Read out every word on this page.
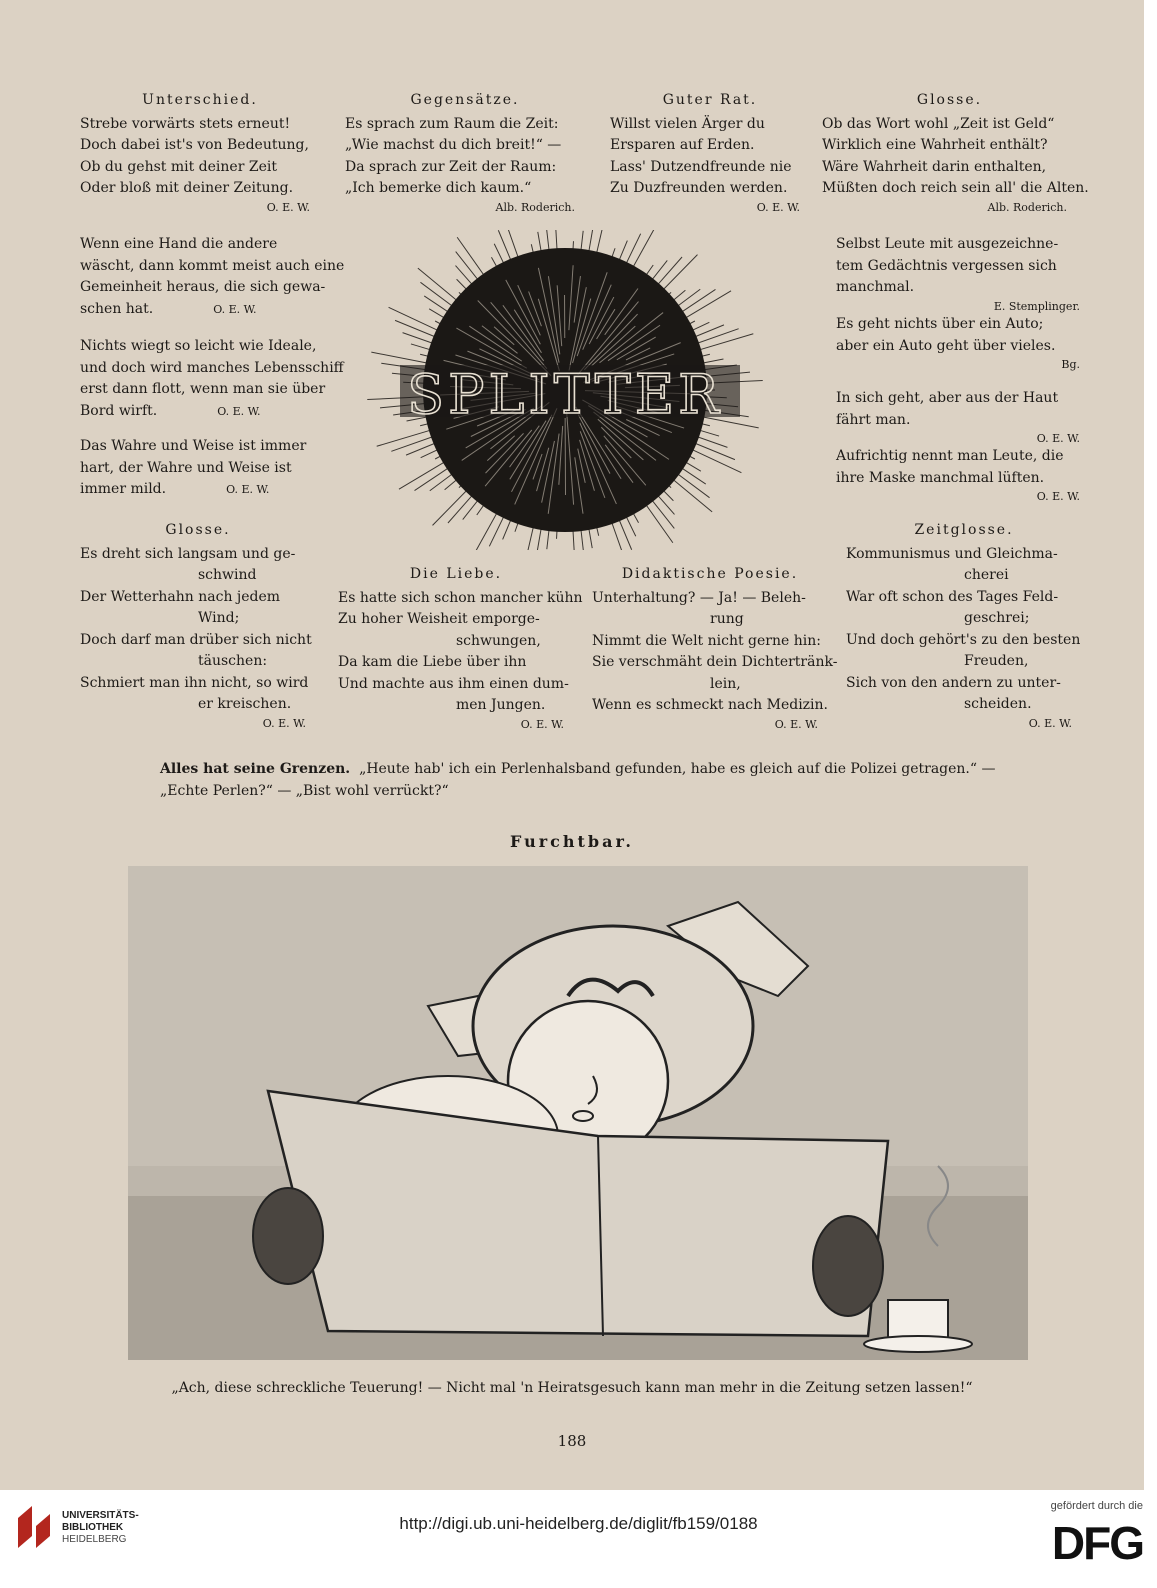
Unterschied.
Strebe vorwärts stets erneut!
Doch dabei ist's von Bedeutung,
Ob du gehst mit deiner Zeit
Oder bloß mit deiner Zeitung.
O. E. W.
Gegensätze.
Es sprach zum Raum die Zeit:
„Wie machst du dich breit!“ —
Da sprach zur Zeit der Raum:
„Ich bemerke dich kaum.“
Alb. Roderich.
Guter Rat.
Willst vielen Ärger du
Ersparen auf Erden.
Lass' Dutzendfreunde nie
Zu Duzfreunden werden.
O. E. W.
Glosse.
Ob das Wort wohl „Zeit ist Geld“
Wirklich eine Wahrheit enthält?
Wäre Wahrheit darin enthalten,
Müßten doch reich sein all' die Alten.
Alb. Roderich.
Wenn eine Hand die andere
wäscht, dann kommt meist auch eine
Gemeinheit heraus, die sich gewa-
schen hat.	O. E. W.
Nichts wiegt so leicht wie Ideale,
und doch wird manches Lebensschiff
erst dann flott, wenn man sie über
Bord wirft.	O. E. W.
Das Wahre und Weise ist immer
hart, der Wahre und Weise ist
immer mild.	O. E. W.
Selbst Leute mit ausgezeichne-
tem Gedächtnis vergessen sich
manchmal.
E. Stemplinger.
Es geht nichts über ein Auto;
aber ein Auto geht über vieles.
Bg.
In sich geht, aber aus der Haut
fährt man.
O. E. W.
Aufrichtig nennt man Leute, die
ihre Maske manchmal lüften.
O. E. W.
SPLITTER
Glosse.
Es dreht sich langsam und ge-
schwind
Der Wetterhahn nach jedem
Wind;
Doch darf man drüber sich nicht
täuschen:
Schmiert man ihn nicht, so wird
er kreischen.
O. E. W.
Die Liebe.
Es hatte sich schon mancher kühn
Zu hoher Weisheit emporge-
schwungen,
Da kam die Liebe über ihn
Und machte aus ihm einen dum-
men Jungen.
O. E. W.
Didaktische Poesie.
Unterhaltung? — Ja! — Beleh-
rung
Nimmt die Welt nicht gerne hin:
Sie verschmäht dein Dichtertränk-
lein,
Wenn es schmeckt nach Medizin.
O. E. W.
Zeitglosse.
Kommunismus und Gleichma-
cherei
War oft schon des Tages Feld-
geschrei;
Und doch gehört's zu den besten
Freuden,
Sich von den andern zu unter-
scheiden.
O. E. W.
Alles hat seine Grenzen. „Heute hab' ich ein Perlenhalsband gefunden, habe es gleich auf die Polizei getragen.“ — „Echte Perlen?“ — „Bist wohl verrückt?“
Furchtbar.
„Ach, diese schreckliche Teuerung! — Nicht mal 'n Heiratsgesuch kann man mehr in die Zeitung setzen lassen!“
188
UNIVERSITÄTS-
BIBLIOTHEK
HEIDELBERG
http://digi.ub.uni-heidelberg.de/diglit/fb159/0188
gefördert durch die
DFG
